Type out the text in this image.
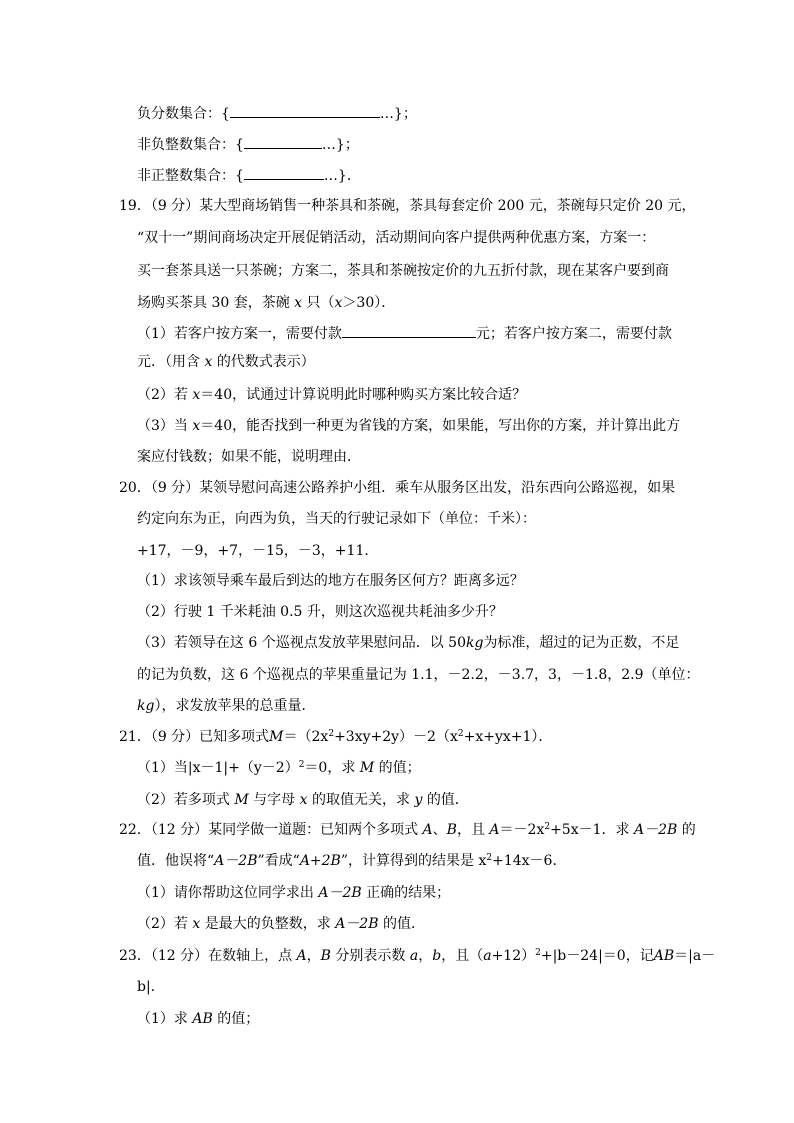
负分数集合：{	…}；
非负整数集合：{	…}；
非正整数集合：{	…}．
19．（9 分）某大型商场销售一种茶具和茶碗，茶具每套定价 200 元，茶碗每只定价 20 元，
“双十一”期间商场决定开展促销活动，活动期间向客户提供两种优惠方案，方案一：
买一套茶具送一只茶碗；方案二，茶具和茶碗按定价的九五折付款，现在某客户要到商
场购买茶具 30 套，茶碗 x 只（x＞30）．
（1）若客户按方案一，需要付款	元；若客户按方案二，需要付款
元．（用含 x 的代数式表示）
（2）若 x＝40，试通过计算说明此时哪种购买方案比较合适？
（3）当 x＝40，能否找到一种更为省钱的方案，如果能，写出你的方案，并计算出此方
案应付钱数；如果不能，说明理由．
20．（9 分）某领导慰问高速公路养护小组．乘车从服务区出发，沿东西向公路巡视，如果
约定向东为正，向西为负，当天的行驶记录如下（单位：千米）：
+17，－9，+7，－15，－3，+11．
（1）求该领导乘车最后到达的地方在服务区何方？距离多远？
（2）行驶 1 千米耗油 0.5 升，则这次巡视共耗油多少升？
（3）若领导在这 6 个巡视点发放苹果慰问品．以 50kg为标准，超过的记为正数，不足
的记为负数，这 6 个巡视点的苹果重量记为 1.1，－2.2，－3.7，3，－1.8，2.9（单位：
kg），求发放苹果的总重量．
21．（9 分）已知多项式$M=(2x^2+3xy+2y)-2(x^2+x+yx+1)$．
（1）当$|x-1|+(y-2)^2=0$，求 M 的值；
（2）若多项式 M 与字母 x 的取值无关，求 y 的值．
22．（12 分）某同学做一道题：已知两个多项式 A、B，且 $A=-2x^2+5x-1$．求 A－2B 的
值．他误将“A－2B”看成“A+2B”，计算得到的结果是 $x^2+14x-6$．
（1）请你帮助这位同学求出 A－2B 正确的结果；
（2）若 x 是最大的负整数，求 A－2B 的值．
23．（12 分）在数轴上，点 A，B 分别表示数 a，b，且$(a+12)^2+|b-24|=0$，记AB＝|a－
b|．
（1）求 AB 的值；
